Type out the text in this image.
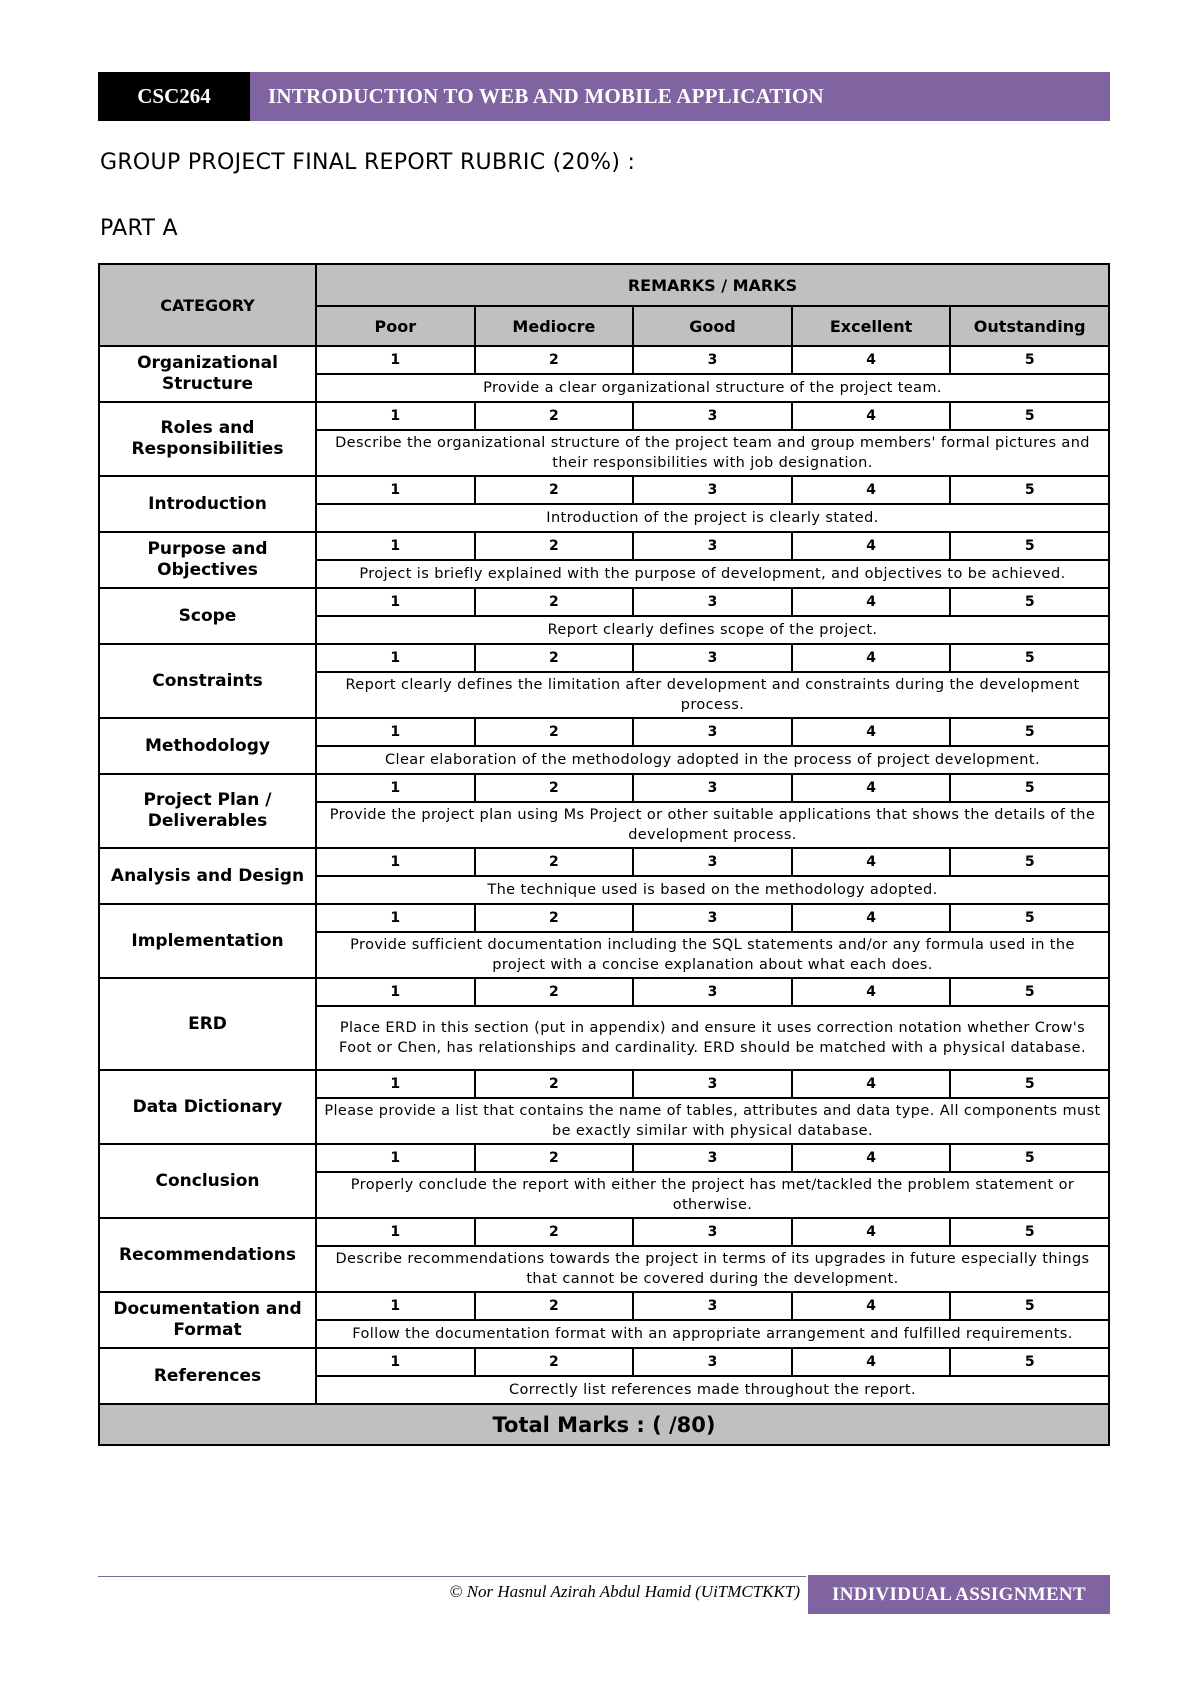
CSC264	INTRODUCTION TO WEB AND MOBILE APPLICATION
GROUP PROJECT FINAL REPORT RUBRIC (20%) :
PART A
CATEGORY	REMARKS / MARKS				
	Poor	Mediocre	Good	Excellent	Outstanding
Organizational Structure	1	2	3	4	5
	Provide a clear organizational structure of the project team.				
Roles and Responsibilities	1	2	3	4	5
	Describe the organizational structure of the project team and group members' formal pictures and their responsibilities with job designation.				
Introduction	1	2	3	4	5
	Introduction of the project is clearly stated.				
Purpose and Objectives	1	2	3	4	5
	Project is briefly explained with the purpose of development, and objectives to be achieved.				
Scope	1	2	3	4	5
	Report clearly defines scope of the project.				
Constraints	1	2	3	4	5
	Report clearly defines the limitation after development and constraints during the development process.				
Methodology	1	2	3	4	5
	Clear elaboration of the methodology adopted in the process of project development.				
Project Plan / Deliverables	1	2	3	4	5
	Provide the project plan using Ms Project or other suitable applications that shows the details of the development process.				
Analysis and Design	1	2	3	4	5
	The technique used is based on the methodology adopted.				
Implementation	1	2	3	4	5
	Provide sufficient documentation including the SQL statements and/or any formula used in the project with a concise explanation about what each does.				
ERD	1	2	3	4	5
	Place ERD in this section (put in appendix) and ensure it uses correction notation whether Crow's Foot or Chen, has relationships and cardinality. ERD should be matched with a physical database.				
Data Dictionary	1	2	3	4	5
	Please provide a list that contains the name of tables, attributes and data type. All components must be exactly similar with physical database.				
Conclusion	1	2	3	4	5
	Properly conclude the report with either the project has met/tackled the problem statement or otherwise.				
Recommendations	1	2	3	4	5
	Describe recommendations towards the project in terms of its upgrades in future especially things that cannot be covered during the development.				
Documentation and Format	1	2	3	4	5
	Follow the documentation format with an appropriate arrangement and fulfilled requirements.				
References	1	2	3	4	5
	Correctly list references made throughout the report.				
Total Marks : ( /80)					
© Nor Hasnul Azirah Abdul Hamid (UiTMCTKKT)	INDIVIDUAL ASSIGNMENT
